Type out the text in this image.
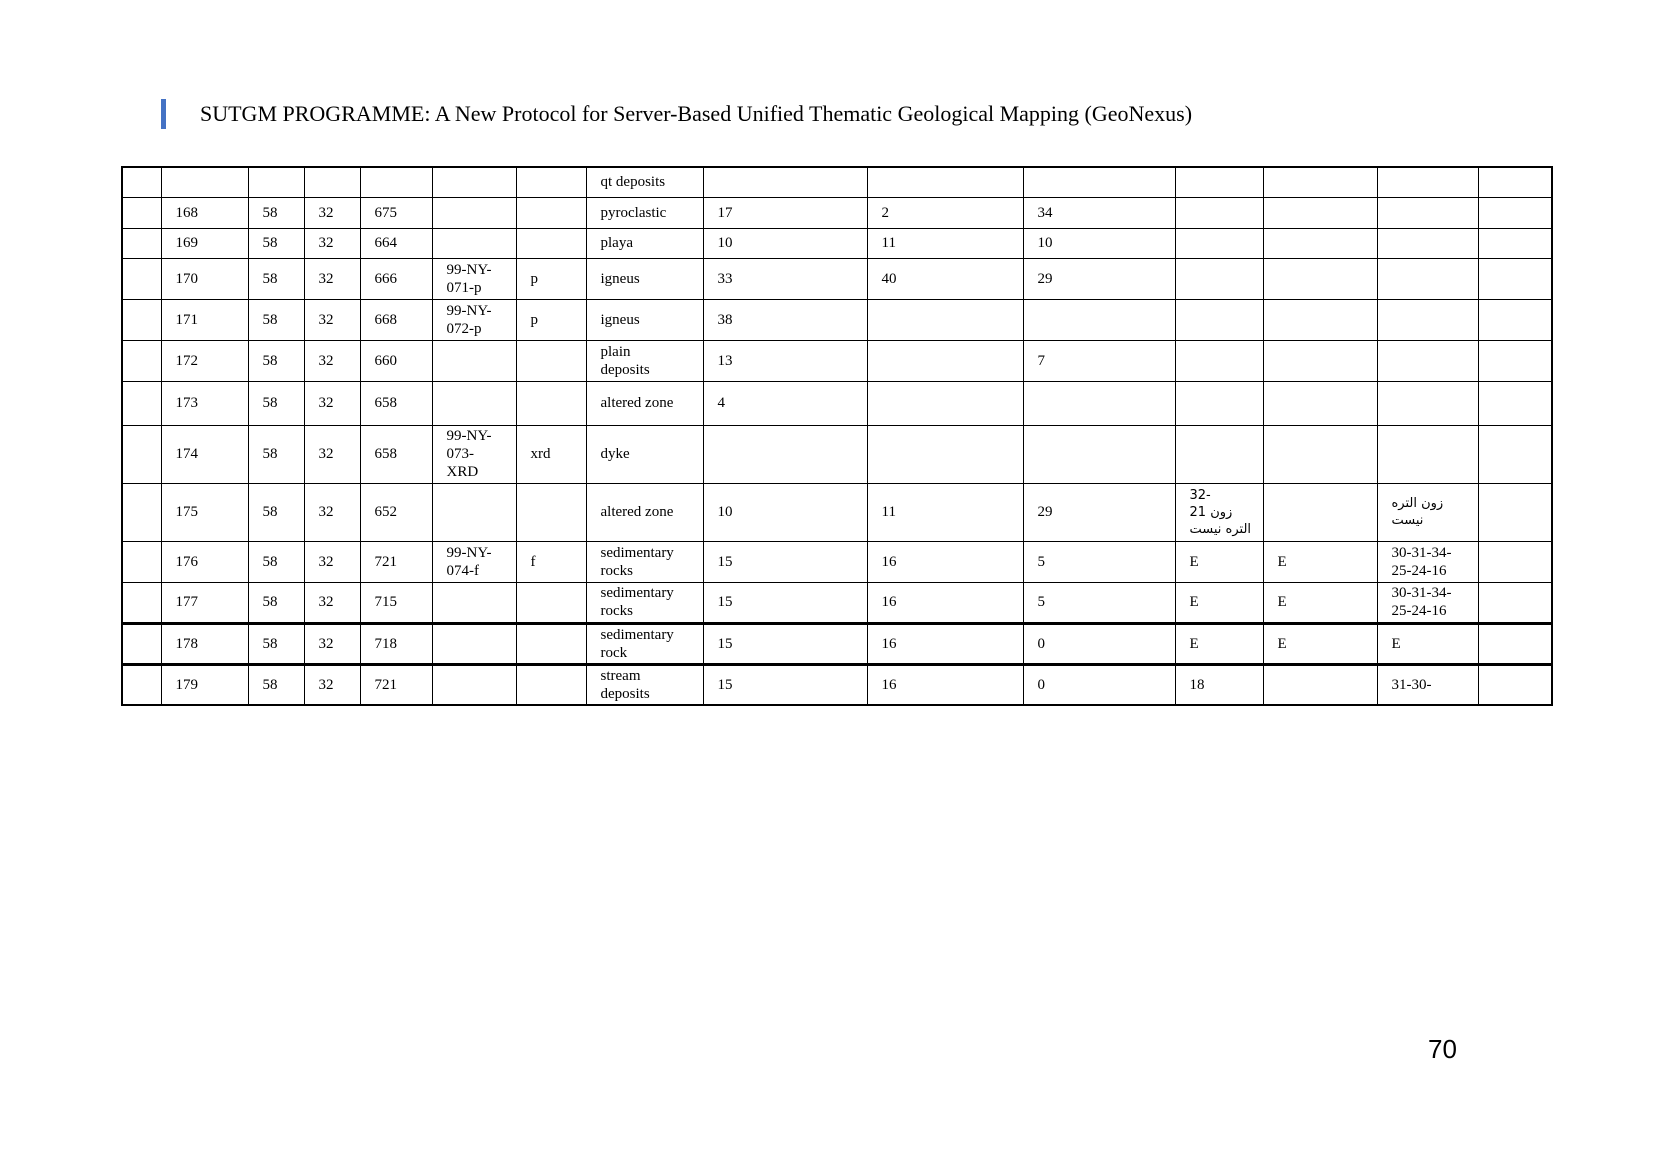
SUTGM PROGRAMME: A New Protocol for Server-Based Unified Thematic Geological Mapping (GeoNexus)
							qt deposits							
	168	58	32	675			pyroclastic	17	2	34				
	169	58	32	664			playa	10	11	10				
	170	58	32	666	99-NY-
071-p	p	igneus	33	40	29				
	171	58	32	668	99-NY-
072-p	p	igneus	38						
	172	58	32	660			plain
deposits	13		7				
	173	58	32	658			altered zone	4						
	174	58	32	658	99-NY-
073-
XRD	xrd	dyke							
	175	58	32	652			altered zone	10	11	29	32-
21 زون
التره نيست		زون التره
نيست	
	176	58	32	721	99-NY-
074-f	f	sedimentary
rocks	15	16	5	E	E	30-31-34-
25-24-16	
	177	58	32	715			sedimentary
rocks	15	16	5	E	E	30-31-34-
25-24-16	
	178	58	32	718			sedimentary
rock	15	16	0	E	E	E	
	179	58	32	721			stream
deposits	15	16	0	18		31-30-	
70
